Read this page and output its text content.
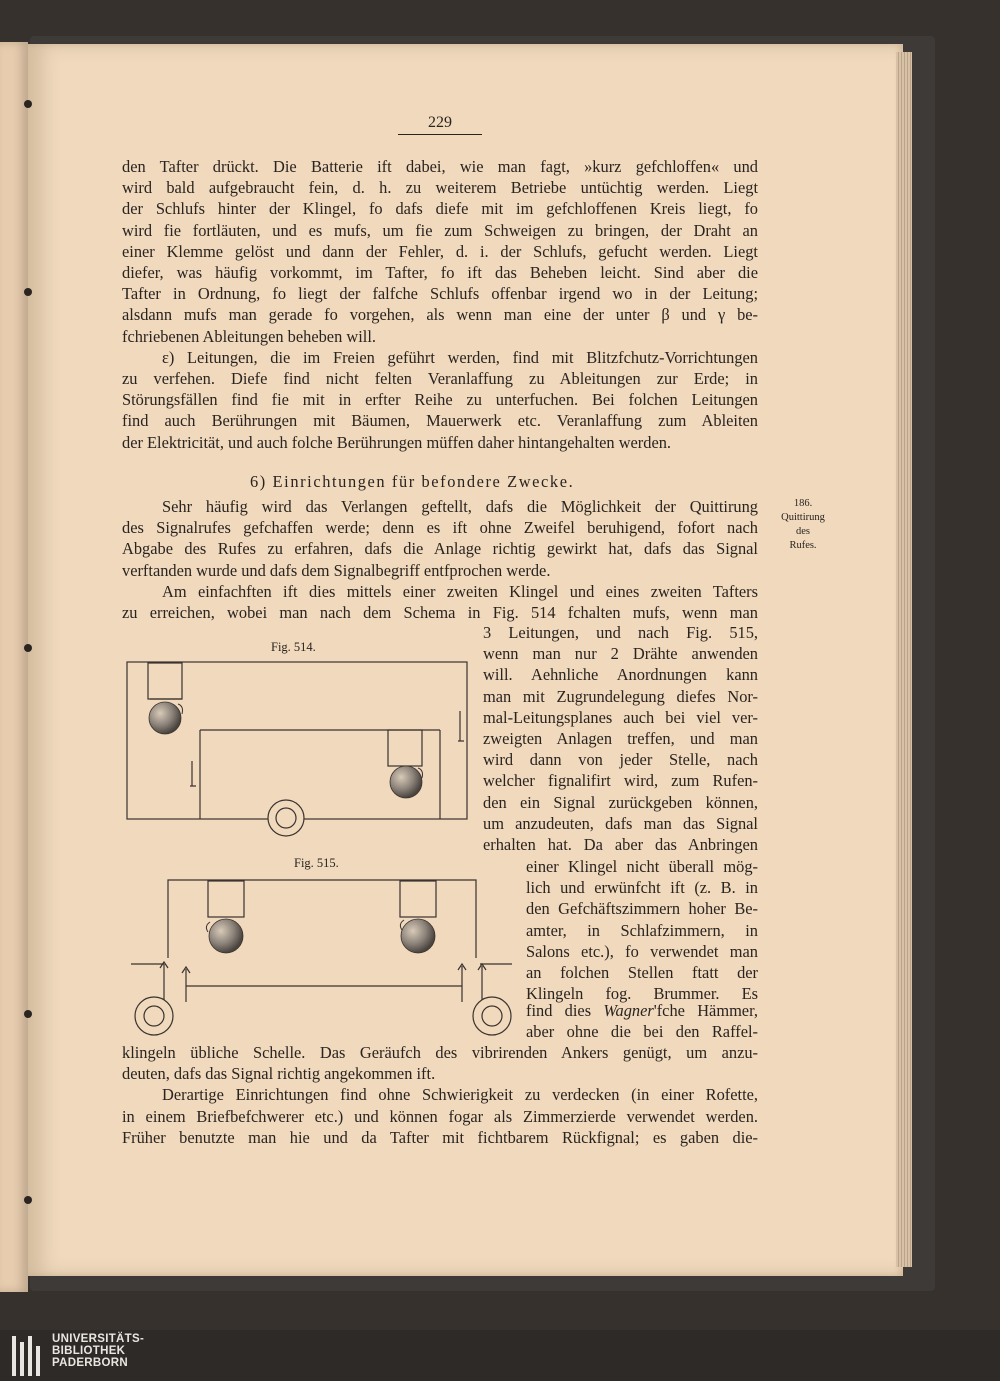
229
den Tafter drückt. Die Batterie ift dabei, wie man fagt, »kurz gefchloffen« und
wird bald aufgebraucht fein, d. h. zu weiterem Betriebe untüchtig werden. Liegt
der Schlufs hinter der Klingel, fo dafs diefe mit im gefchloffenen Kreis liegt, fo
wird fie fortläuten, und es mufs, um fie zum Schweigen zu bringen, der Draht an
einer Klemme gelöst und dann der Fehler, d. i. der Schlufs, gefucht werden. Liegt
diefer, was häufig vorkommt, im Tafter, fo ift das Beheben leicht. Sind aber die
Tafter in Ordnung, fo liegt der falfche Schlufs offenbar irgend wo in der Leitung;
alsdann mufs man gerade fo vorgehen, als wenn man eine der unter β und γ be-
fchriebenen Ableitungen beheben will.
ε) Leitungen, die im Freien geführt werden, find mit Blitzfchutz-Vorrichtungen
zu verfehen. Diefe find nicht felten Veranlaffung zu Ableitungen zur Erde; in
Störungsfällen find fie mit in erfter Reihe zu unterfuchen. Bei folchen Leitungen
find auch Berührungen mit Bäumen, Mauerwerk etc. Veranlaffung zum Ableiten
der Elektricität, und auch folche Berührungen müffen daher hintangehalten werden.
6) Einrichtungen für befondere Zwecke.
186.
Quittirung
des
Rufes.
Sehr häufig wird das Verlangen geftellt, dafs die Möglichkeit der Quittirung
des Signalrufes gefchaffen werde; denn es ift ohne Zweifel beruhigend, fofort nach
Abgabe des Rufes zu erfahren, dafs die Anlage richtig gewirkt hat, dafs das Signal
verftanden wurde und dafs dem Signalbegriff entfprochen werde.
Am einfachften ift dies mittels einer zweiten Klingel und eines zweiten Tafters
zu erreichen, wobei man nach dem Schema in Fig. 514 fchalten mufs, wenn man
3 Leitungen, und nach Fig. 515,
wenn man nur 2 Drähte anwenden
will. Aehnliche Anordnungen kann
man mit Zugrundelegung diefes Nor-
mal-Leitungsplanes auch bei viel ver-
zweigten Anlagen treffen, und man
wird dann von jeder Stelle, nach
welcher fignalifirt wird, zum Rufen-
den ein Signal zurückgeben können,
um anzudeuten, dafs man das Signal
erhalten hat. Da aber das Anbringen
einer Klingel nicht überall mög-
lich und erwünfcht ift (z. B. in
den Gefchäftszimmern hoher Be-
amter, in Schlafzimmern, in
Salons etc.), fo verwendet man
an folchen Stellen ftatt der
Klingeln fog. Brummer. Es
find dies Wagner'fche Hämmer,
aber ohne die bei den Raffel-
klingeln übliche Schelle. Das Geräufch des vibrirenden Ankers genügt, um anzu-
deuten, dafs das Signal richtig angekommen ift.
Derartige Einrichtungen find ohne Schwierigkeit zu verdecken (in einer Rofette,
in einem Briefbefchwerer etc.) und können fogar als Zimmerzierde verwendet werden.
Früher benutzte man hie und da Tafter mit fichtbarem Rückfignal; es gaben die-
Fig. 514.
Fig. 515.
UNIVERSITÄTS-
BIBLIOTHEK
PADERBORN
